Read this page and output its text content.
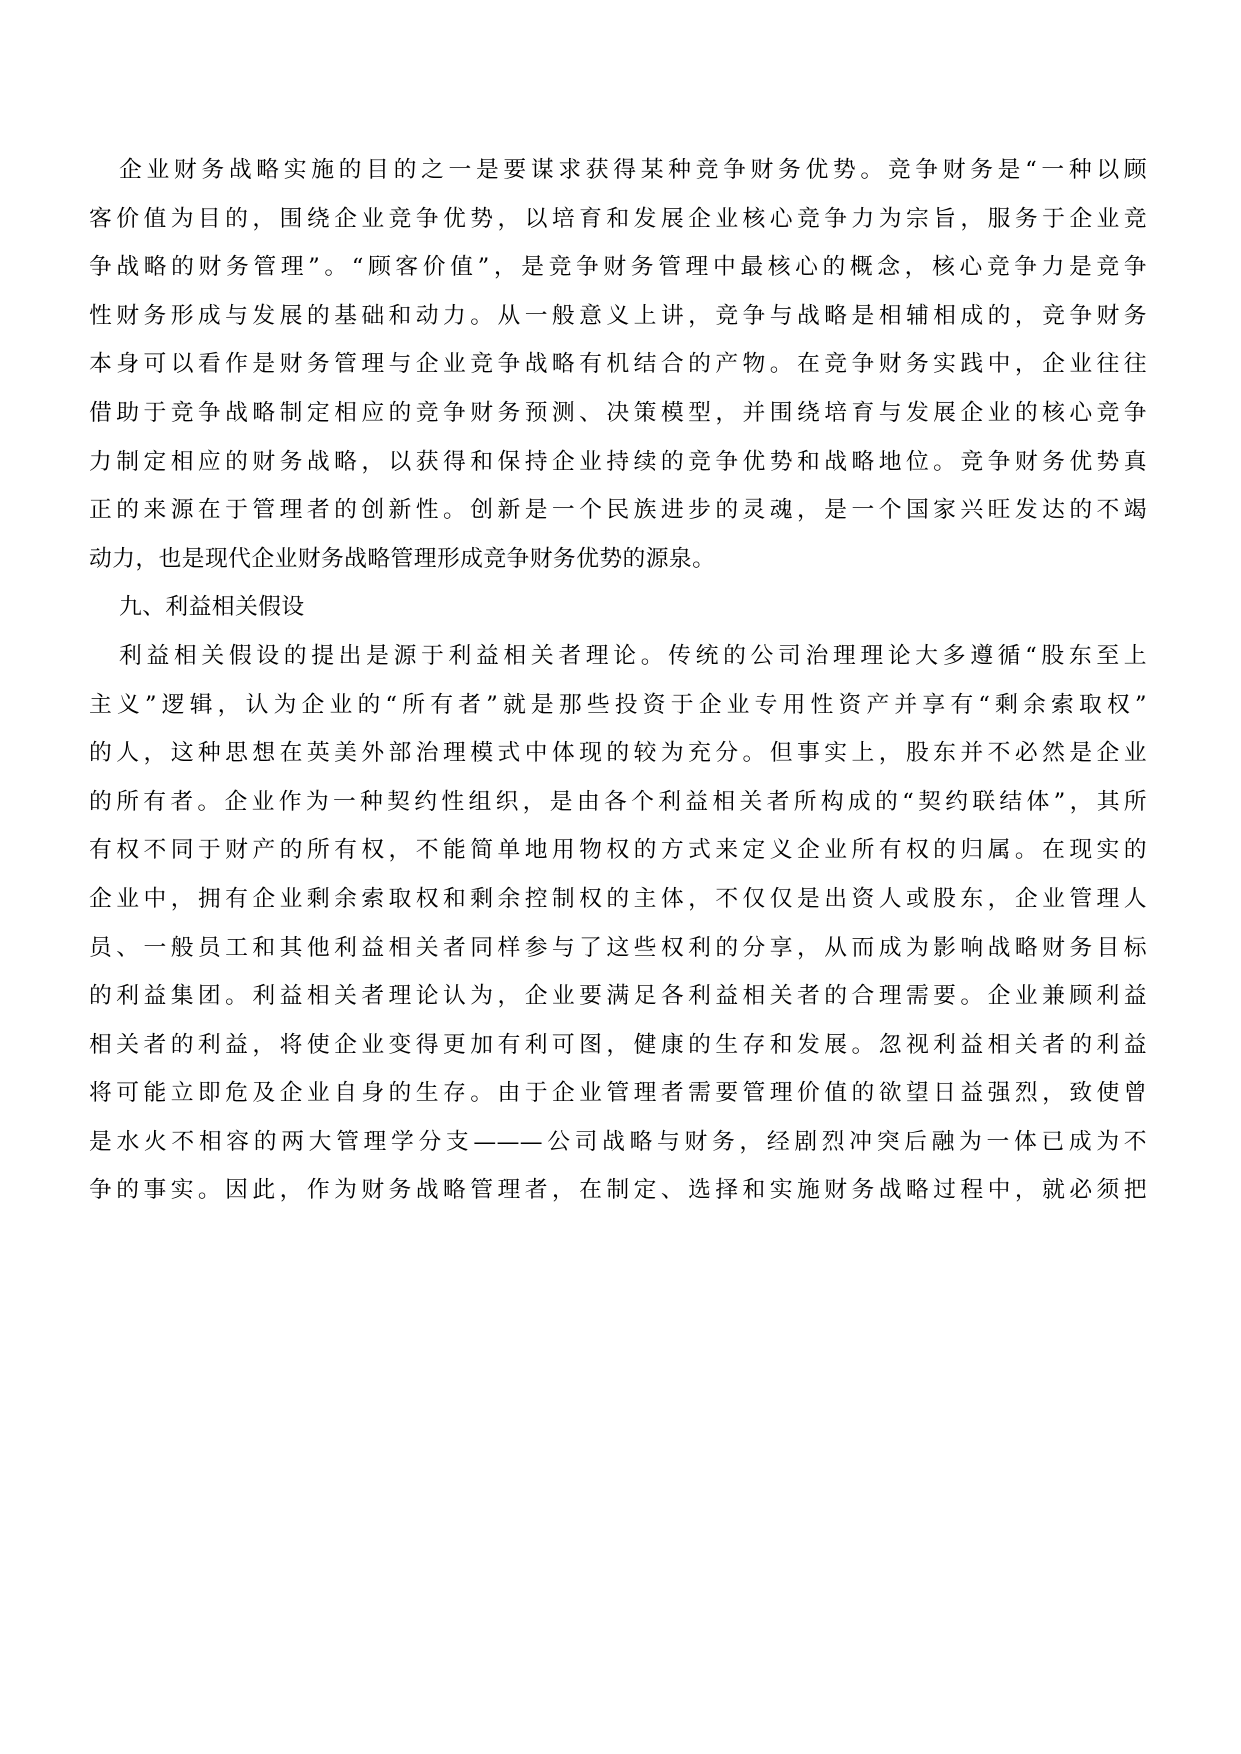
企业财务战略实施的目的之一是要谋求获得某种竞争财务优势。竞争财务是“一种以顾
客价值为目的，围绕企业竞争优势，以培育和发展企业核心竞争力为宗旨，服务于企业竞
争战略的财务管理”。“顾客价值”，是竞争财务管理中最核心的概念，核心竞争力是竞争
性财务形成与发展的基础和动力。从一般意义上讲，竞争与战略是相辅相成的，竞争财务
本身可以看作是财务管理与企业竞争战略有机结合的产物。在竞争财务实践中，企业往往
借助于竞争战略制定相应的竞争财务预测、决策模型，并围绕培育与发展企业的核心竞争
力制定相应的财务战略，以获得和保持企业持续的竞争优势和战略地位。竞争财务优势真
正的来源在于管理者的创新性。创新是一个民族进步的灵魂，是一个国家兴旺发达的不竭
动力，也是现代企业财务战略管理形成竞争财务优势的源泉。
九、利益相关假设
利益相关假设的提出是源于利益相关者理论。传统的公司治理理论大多遵循“股东至上
主义”逻辑，认为企业的“所有者”就是那些投资于企业专用性资产并享有“剩余索取权”
的人，这种思想在英美外部治理模式中体现的较为充分。但事实上，股东并不必然是企业
的所有者。企业作为一种契约性组织，是由各个利益相关者所构成的“契约联结体”，其所
有权不同于财产的所有权，不能简单地用物权的方式来定义企业所有权的归属。在现实的
企业中，拥有企业剩余索取权和剩余控制权的主体，不仅仅是出资人或股东，企业管理人
员、一般员工和其他利益相关者同样参与了这些权利的分享，从而成为影响战略财务目标
的利益集团。利益相关者理论认为，企业要满足各利益相关者的合理需要。企业兼顾利益
相关者的利益，将使企业变得更加有利可图，健康的生存和发展。忽视利益相关者的利益
将可能立即危及企业自身的生存。由于企业管理者需要管理价值的欲望日益强烈，致使曾
是水火不相容的两大管理学分支———公司战略与财务，经剧烈冲突后融为一体已成为不
争的事实。因此，作为财务战略管理者，在制定、选择和实施财务战略过程中，就必须把
